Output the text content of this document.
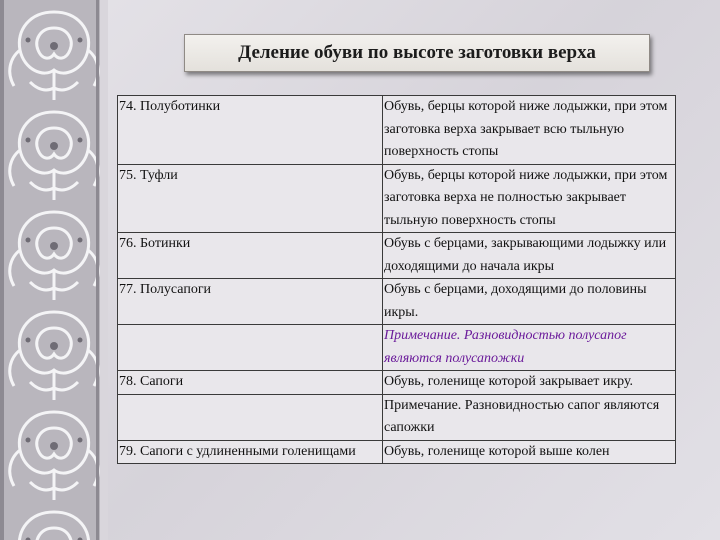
Деление обуви по высоте заготовки верха
74. Полуботинки	Обувь, берцы которой ниже лодыжки, при этом заготовка верха закрывает всю тыльную поверхность стопы
75. Туфли	Обувь, берцы которой ниже лодыжки, при этом заготовка верха не полностью закрывает тыльную поверхность стопы
76. Ботинки	Обувь с берцами, закрывающими лодыжку или доходящими до начала икры
77. Полусапоги	Обувь с берцами, доходящими до половины икры.
	Примечание. Разновидностью полусапог являются полусапожки
78. Сапоги	Обувь, голенище которой закрывает икру.
	Примечание. Разновидностью сапог являются сапожки
79. Сапоги с удлиненными голенищами	Обувь, голенище которой выше колен
